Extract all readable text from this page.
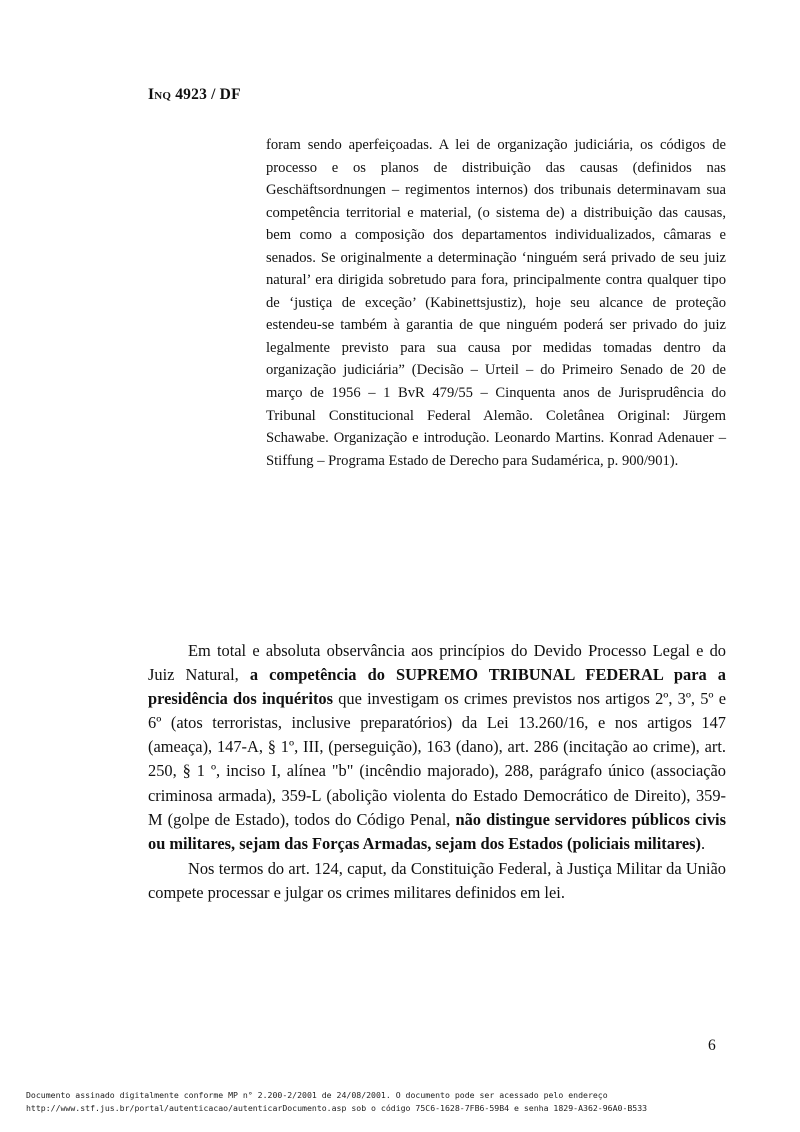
Inq 4923 / DF

foram sendo aperfeiçoadas. A lei de organização judiciária, os códigos de processo e os planos de distribuição das causas (definidos nas Geschäftsordnungen – regimentos internos) dos tribunais determinavam sua competência territorial e material, (o sistema de) a distribuição das causas, bem como a composição dos departamentos individualizados, câmaras e senados. Se originalmente a determinação ‘ninguém será privado de seu juiz natural’ era dirigida sobretudo para fora, principalmente contra qualquer tipo de ‘justiça de exceção’ (Kabinettsjustiz), hoje seu alcance de proteção estendeu-se também à garantia de que ninguém poderá ser privado do juiz legalmente previsto para sua causa por medidas tomadas dentro da organização judiciária” (Decisão – Urteil – do Primeiro Senado de 20 de março de 1956 – 1 BvR 479/55 – Cinquenta anos de Jurisprudência do Tribunal Constitucional Federal Alemão. Coletânea Original: Jürgem Schawabe. Organização e introdução. Leonardo Martins. Konrad Adenauer – Stiffung – Programa Estado de Derecho para Sudamérica, p. 900/901).

Em total e absoluta observância aos princípios do Devido Processo Legal e do Juiz Natural, a competência do SUPREMO TRIBUNAL FEDERAL para a presidência dos inquéritos que investigam os crimes previstos nos artigos 2º, 3º, 5º e 6º (atos terroristas, inclusive preparatórios) da Lei 13.260/16, e nos artigos 147 (ameaça), 147-A, § 1º, III, (perseguição), 163 (dano), art. 286 (incitação ao crime), art. 250, § 1 º, inciso I, alínea "b" (incêndio majorado), 288, parágrafo único (associação criminosa armada), 359-L (abolição violenta do Estado Democrático de Direito), 359-M (golpe de Estado), todos do Código Penal, não distingue servidores públicos civis ou militares, sejam das Forças Armadas, sejam dos Estados (policiais militares).

Nos termos do art. 124, caput, da Constituição Federal, à Justiça Militar da União compete processar e julgar os crimes militares definidos em lei.

6
Documento assinado digitalmente conforme MP n° 2.200-2/2001 de 24/08/2001. O documento pode ser acessado pelo endereço
http://www.stf.jus.br/portal/autenticacao/autenticarDocumento.asp sob o código 75C6-1628-7FB6-59B4 e senha 1829-A362-96A0-B533
